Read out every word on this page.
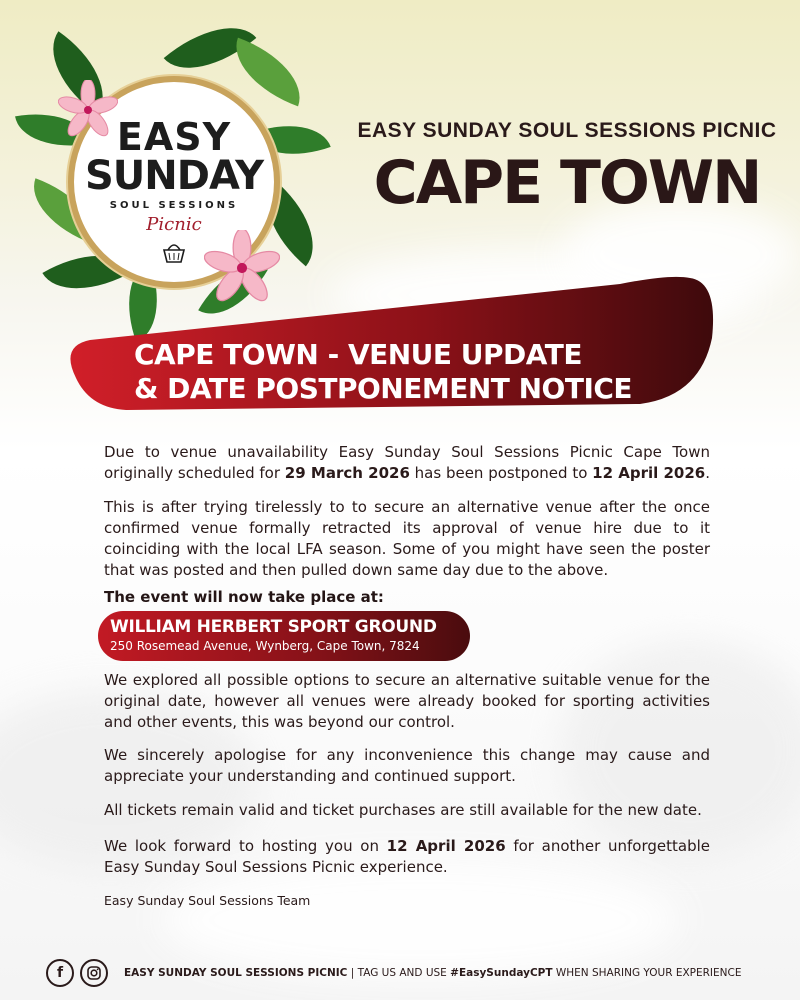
EASY
SUNDAY
SOUL SESSIONS
Picnic
EASY SUNDAY SOUL SESSIONS PICNIC
CAPE TOWN
CAPE TOWN - VENUE UPDATE
& DATE POSTPONEMENT NOTICE
Due to venue unavailability Easy Sunday Soul Sessions Picnic Cape Town originally scheduled for 29 March 2026 has been postponed to 12 April 2026.
This is after trying tirelessly to to secure an alternative venue after the once confirmed venue formally retracted its approval of venue hire due to it coinciding with the local LFA season. Some of you might have seen the poster that was posted and then pulled down same day due to the above.
The event will now take place at:
WILLIAM HERBERT SPORT GROUND
250 Rosemead Avenue, Wynberg, Cape Town, 7824
We explored all possible options to secure an alternative suitable venue for the original date, however all venues were already booked for sporting activities and other events, this was beyond our control.
We sincerely apologise for any inconvenience this change may cause and appreciate your understanding and continued support.
All tickets remain valid and ticket purchases are still available for the new date.
We look forward to hosting you on 12 April 2026 for another unforgettable Easy Sunday Soul Sessions Picnic experience.
Easy Sunday Soul Sessions Team
f	EASY SUNDAY SOUL SESSIONS PICNIC | TAG US AND USE #EasySundayCPT WHEN SHARING YOUR EXPERIENCE
